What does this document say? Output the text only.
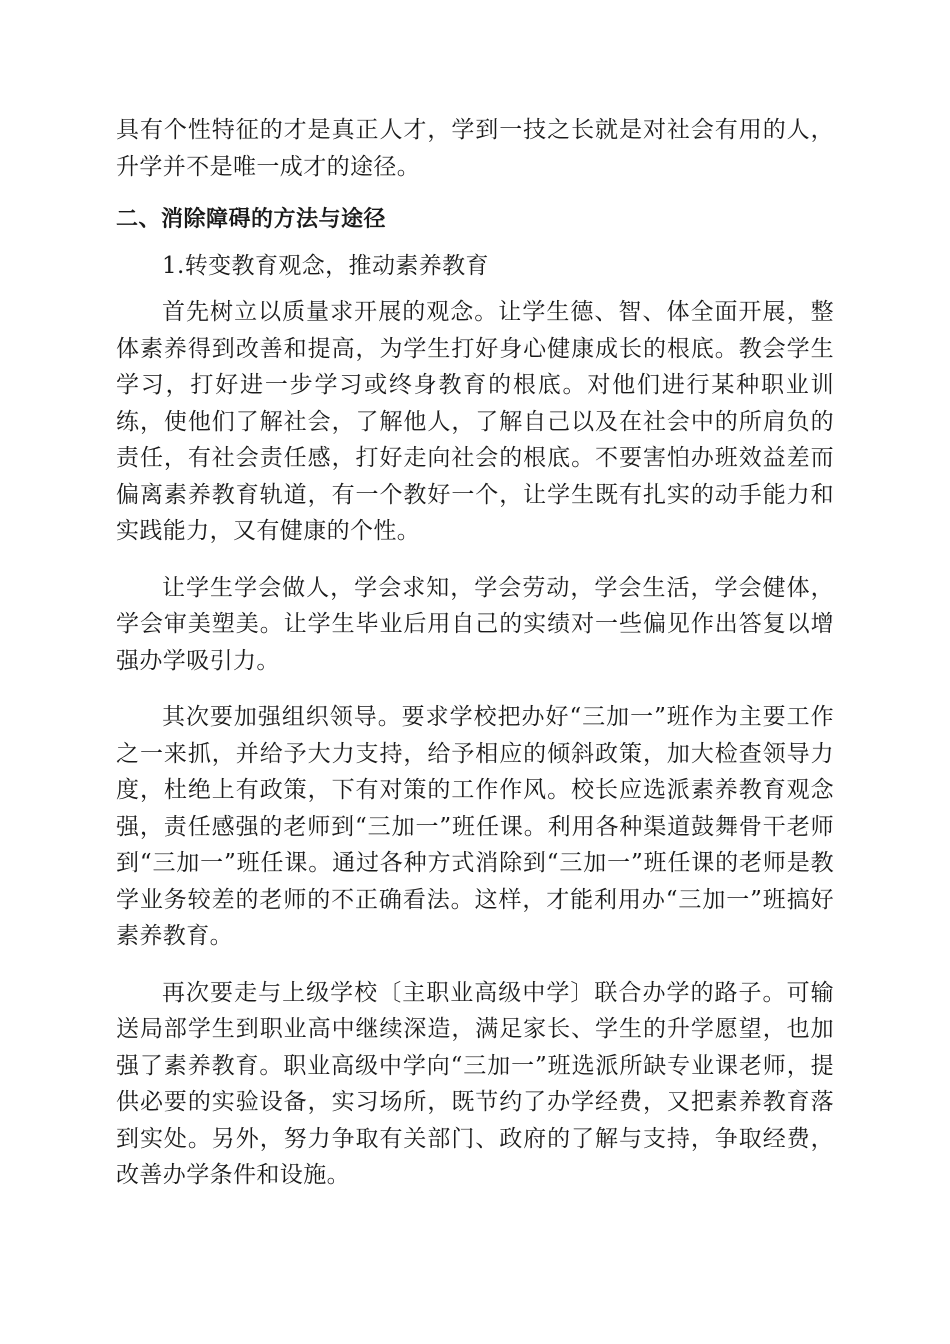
具有个性特征的才是真正人才，学到一技之长就是对社会有用的人，升学并不是唯一成才的途径。

二、消除障碍的方法与途径

1.转变教育观念，推动素养教育

首先树立以质量求开展的观念。让学生德、智、体全面开展，整体素养得到改善和提高，为学生打好身心健康成长的根底。教会学生学习，打好进一步学习或终身教育的根底。对他们进行某种职业训练，使他们了解社会，了解他人，了解自己以及在社会中的所肩负的责任，有社会责任感，打好走向社会的根底。不要害怕办班效益差而偏离素养教育轨道，有一个教好一个，让学生既有扎实的动手能力和实践能力，又有健康的个性。

让学生学会做人，学会求知，学会劳动，学会生活，学会健体，学会审美塑美。让学生毕业后用自己的实绩对一些偏见作出答复以增强办学吸引力。

其次要加强组织领导。要求学校把办好“三加一”班作为主要工作之一来抓，并给予大力支持，给予相应的倾斜政策，加大检查领导力度，杜绝上有政策，下有对策的工作作风。校长应选派素养教育观念强，责任感强的老师到“三加一”班任课。利用各种渠道鼓舞骨干老师到“三加一”班任课。通过各种方式消除到“三加一”班任课的老师是教学业务较差的老师的不正确看法。这样，才能利用办“三加一”班搞好素养教育。

再次要走与上级学校〔主职业高级中学〕联合办学的路子。可输送局部学生到职业高中继续深造，满足家长、学生的升学愿望，也加强了素养教育。职业高级中学向“三加一”班选派所缺专业课老师，提供必要的实验设备，实习场所，既节约了办学经费，又把素养教育落到实处。另外，努力争取有关部门、政府的了解与支持，争取经费，改善办学条件和设施。
